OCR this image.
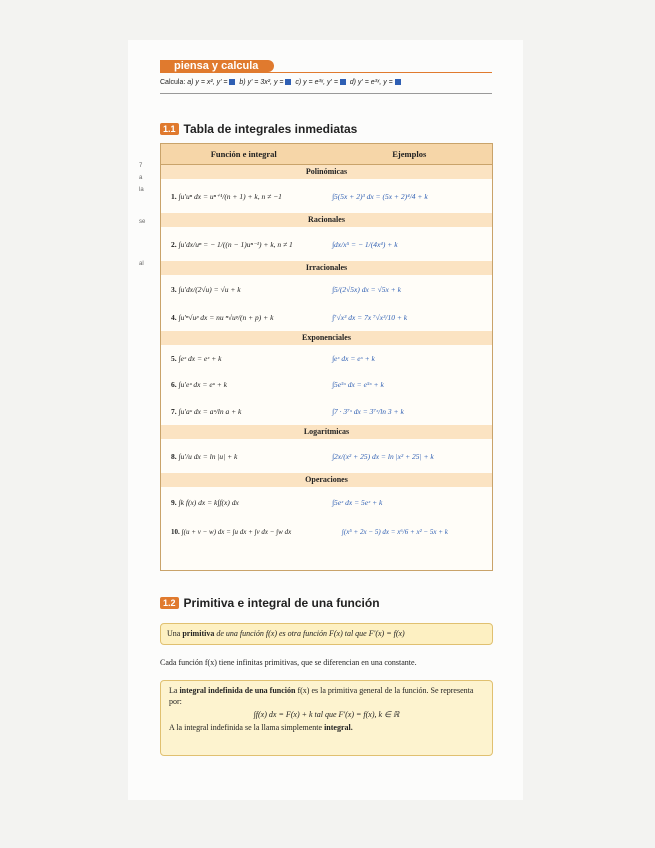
7
a
la
se
al
piensa y calcula
Calcula: a) y = x², y' = b) y' = 3x², y = c) y = e³ˣ, y' = d) y' = e³ˣ, y =
1.1 Tabla de integrales inmediatas
Función e integral	Ejemplos
Polinómicas
1. ∫u'uⁿ dx = uⁿ⁺¹/(n + 1) + k, n ≠ −1	∫5(5x + 2)³ dx = (5x + 2)⁴/4 + k
Racionales
2. ∫u'dx/uⁿ = − 1/((n − 1)uⁿ⁻¹) + k, n ≠ 1	∫dx/x⁵ = − 1/(4x⁴) + k
Irracionales
3. ∫u'dx/(2√u) = √u + k	∫5/(2√5x) dx = √5x + k
4. ∫u'ⁿ√uᵖ dx = nu ⁿ√uᵖ/(n + p) + k	∫⁷√x³ dx = 7x ⁷√x³/10 + k
Exponenciales
5. ∫eˣ dx = eˣ + k	∫eˣ dx = eˣ + k
6. ∫u'eᵘ dx = eᵘ + k	∫5e⁵ˣ dx = e⁵ˣ + k
7. ∫u'aᵘ dx = aᵘ/ln a + k	∫7 · 3⁷ˣ dx = 3⁷ˣ/ln 3 + k
Logarítmicas
8. ∫u'/u dx = ln |u| + k	∫2x/(x² + 25) dx = ln |x² + 25| + k
Operaciones
9. ∫k f(x) dx = k∫f(x) dx	∫5eˣ dx = 5eˣ + k
10. ∫(u + v − w) dx = ∫u dx + ∫v dx − ∫w dx	∫(x⁵ + 2x − 5) dx = x⁶/6 + x² − 5x + k
1.2 Primitiva e integral de una función
Una primitiva de una función f(x) es otra función F(x) tal que F'(x) = f(x)
Cada función f(x) tiene infinitas primitivas, que se diferencian en una constante.
La integral indefinida de una función f(x) es la primitiva general de la función. Se representa por:
∫f(x) dx = F(x) + k tal que F'(x) = f(x), k ∈ ℝ
A la integral indefinida se la llama simplemente integral.
